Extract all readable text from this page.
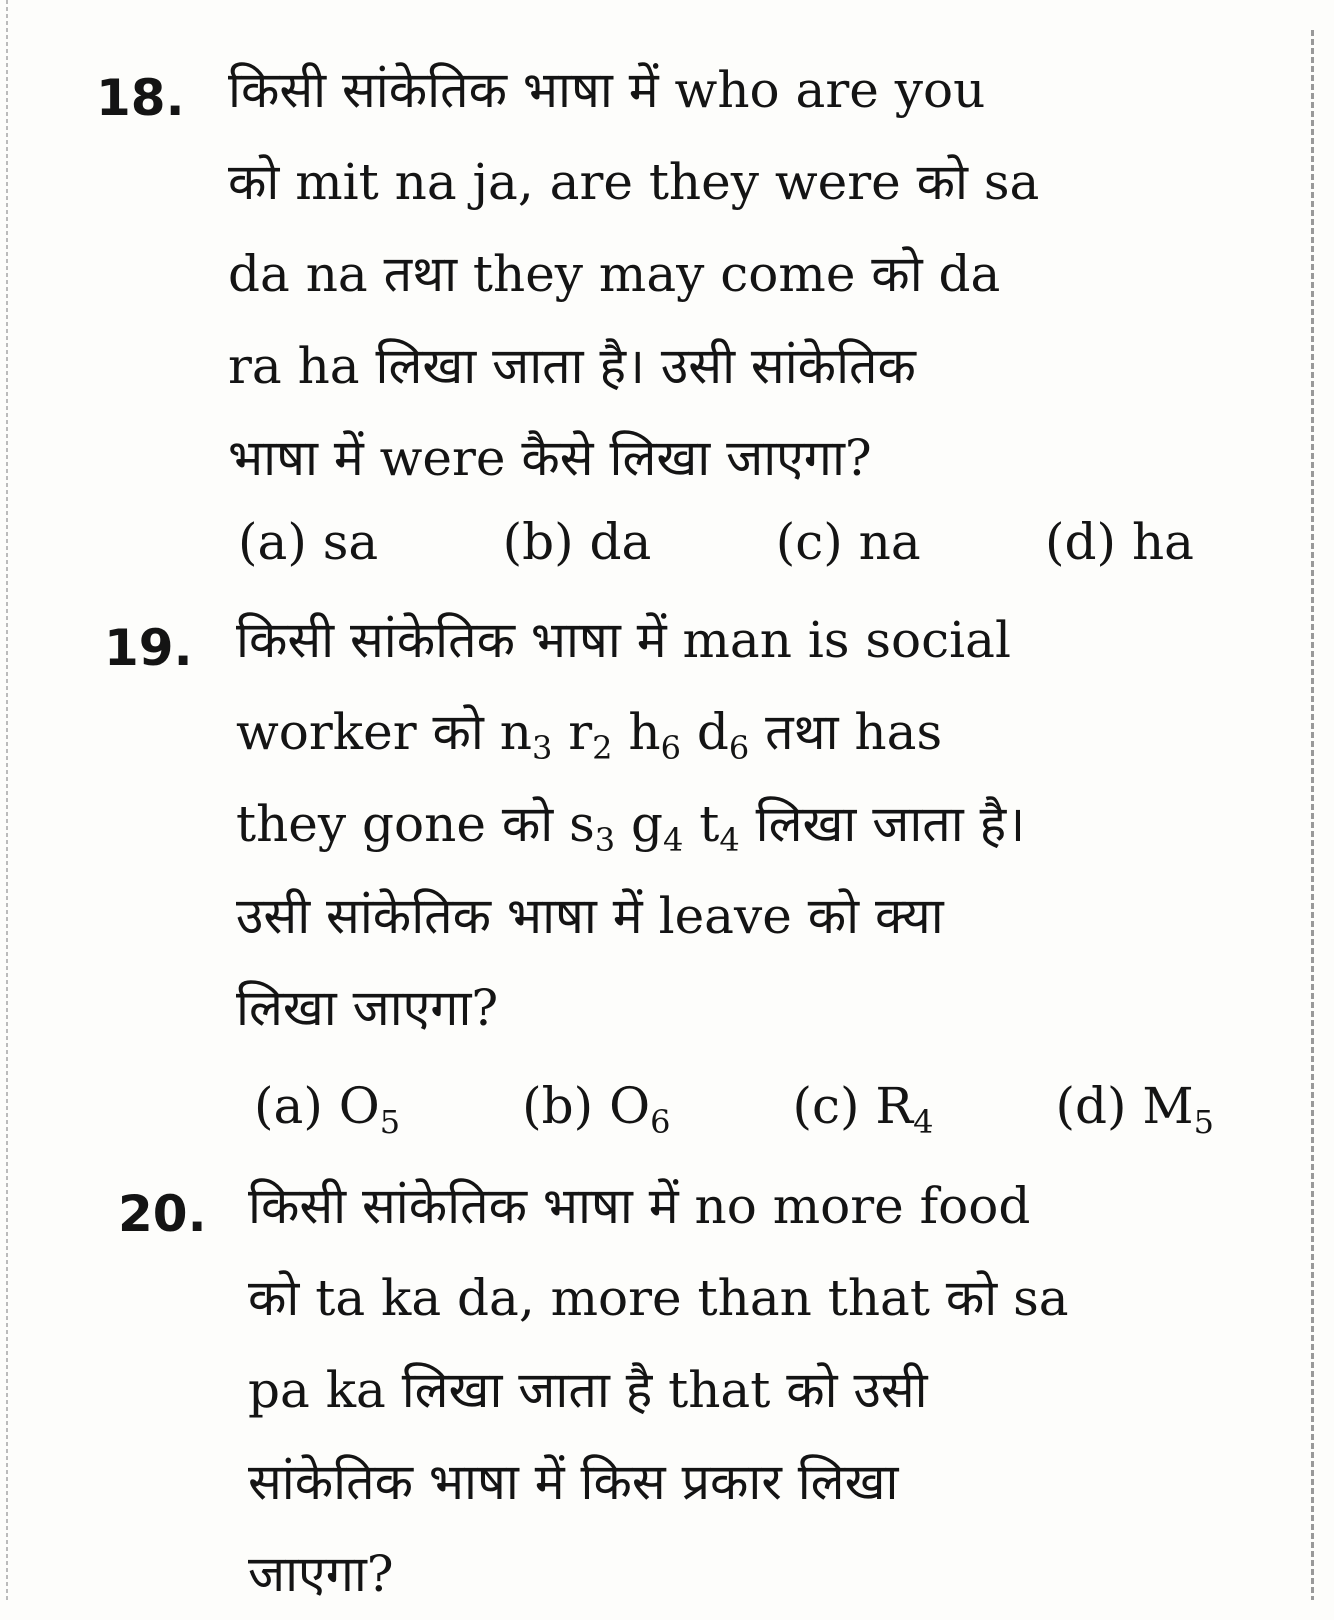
18. किसी सांकेतिक भाषा में who are you
को mit na ja, are they were को sa
da na तथा they may come को da
ra ha लिखा जाता है। उसी सांकेतिक
भाषा में were कैसे लिखा जाएगा?
(a) sa (b) da (c) na (d) ha
19. किसी सांकेतिक भाषा में man is social
worker को $n_3$ $r_2$ $h_6$ $d_6$ तथा has
they gone को $s_3$ $g_4$ $t_4$ लिखा जाता है।
उसी सांकेतिक भाषा में leave को क्या
लिखा जाएगा?
(a) $O_5$ (b) $O_6$ (c) $R_4$ (d) $M_5$
20. किसी सांकेतिक भाषा में no more food
को ta ka da, more than that को sa
pa ka लिखा जाता है that को उसी
सांकेतिक भाषा में किस प्रकार लिखा
जाएगा?
